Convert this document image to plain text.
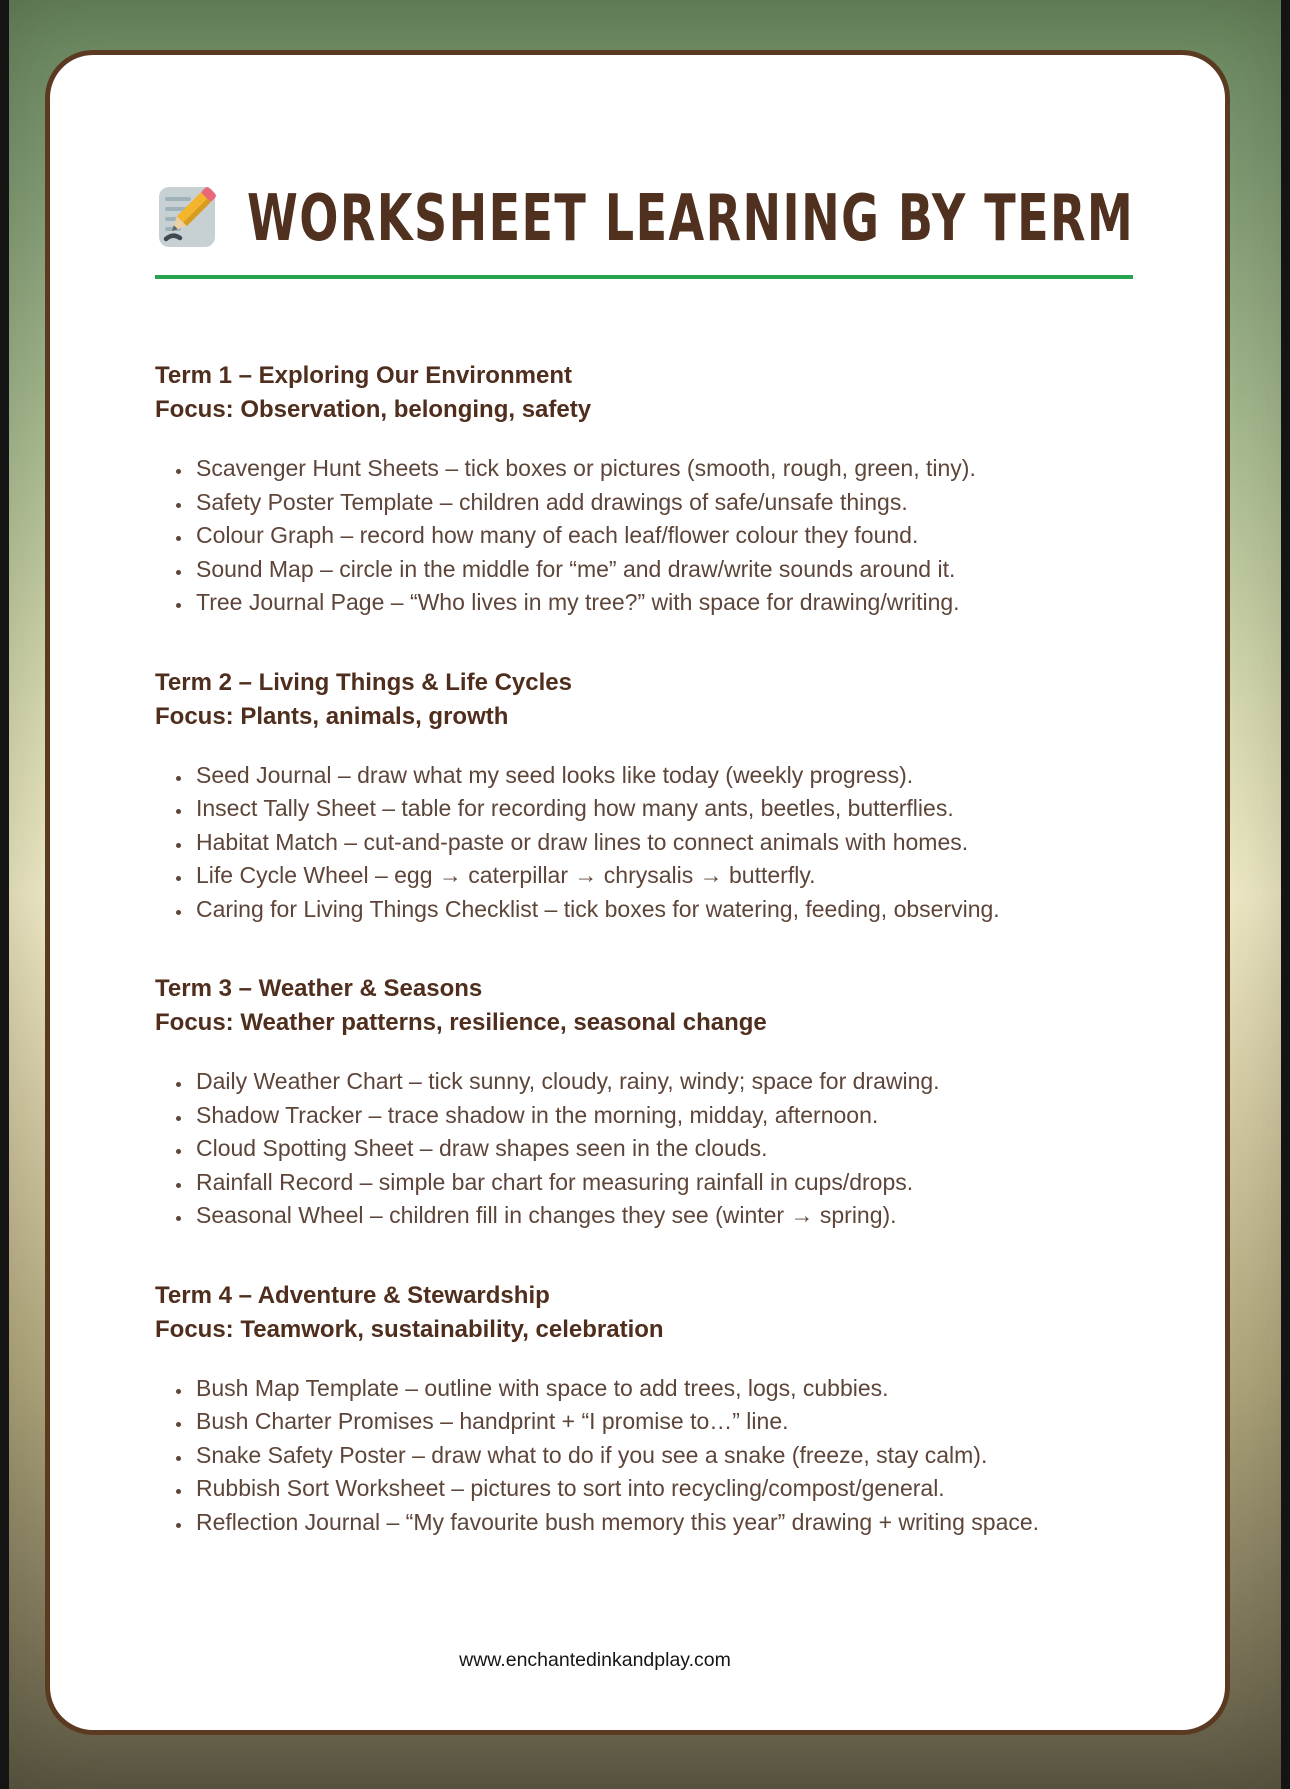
WORKSHEET LEARNING BY TERM
Term 1 – Exploring Our Environment
Focus: Observation, belonging, safety
• Scavenger Hunt Sheets – tick boxes or pictures (smooth, rough, green, tiny).
• Safety Poster Template – children add drawings of safe/unsafe things.
• Colour Graph – record how many of each leaf/flower colour they found.
• Sound Map – circle in the middle for “me” and draw/write sounds around it.
• Tree Journal Page – “Who lives in my tree?” with space for drawing/writing.
Term 2 – Living Things & Life Cycles
Focus: Plants, animals, growth
• Seed Journal – draw what my seed looks like today (weekly progress).
• Insect Tally Sheet – table for recording how many ants, beetles, butterflies.
• Habitat Match – cut-and-paste or draw lines to connect animals with homes.
• Life Cycle Wheel – egg → caterpillar → chrysalis → butterfly.
• Caring for Living Things Checklist – tick boxes for watering, feeding, observing.
Term 3 – Weather & Seasons
Focus: Weather patterns, resilience, seasonal change
• Daily Weather Chart – tick sunny, cloudy, rainy, windy; space for drawing.
• Shadow Tracker – trace shadow in the morning, midday, afternoon.
• Cloud Spotting Sheet – draw shapes seen in the clouds.
• Rainfall Record – simple bar chart for measuring rainfall in cups/drops.
• Seasonal Wheel – children fill in changes they see (winter → spring).
Term 4 – Adventure & Stewardship
Focus: Teamwork, sustainability, celebration
• Bush Map Template – outline with space to add trees, logs, cubbies.
• Bush Charter Promises – handprint + “I promise to…” line.
• Snake Safety Poster – draw what to do if you see a snake (freeze, stay calm).
• Rubbish Sort Worksheet – pictures to sort into recycling/compost/general.
• Reflection Journal – “My favourite bush memory this year” drawing + writing space.
www.enchantedinkandplay.com
